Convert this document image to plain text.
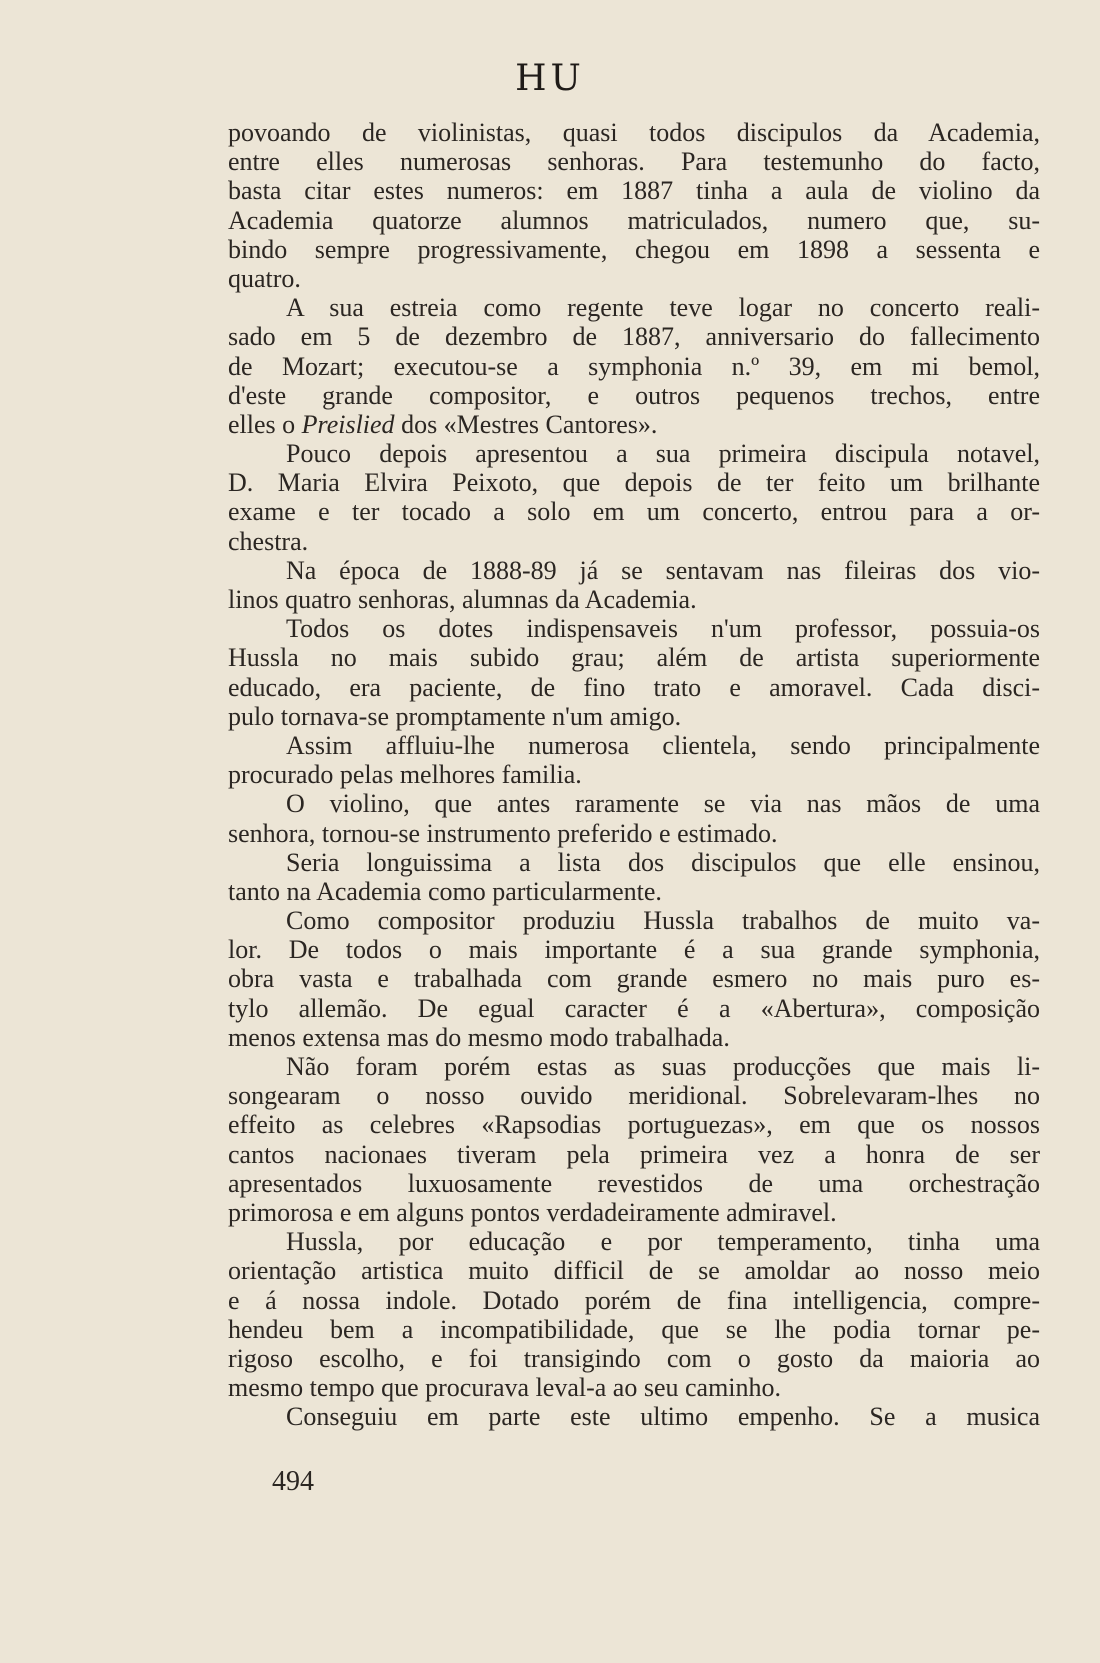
HU
povoando de violinistas, quasi todos discipulos da Academia,
entre elles numerosas senhoras. Para testemunho do facto,
basta citar estes numeros: em 1887 tinha a aula de violino da
Academia quatorze alumnos matriculados, numero que, su-
bindo sempre progressivamente, chegou em 1898 a sessenta e
quatro.
A sua estreia como regente teve logar no concerto reali-
sado em 5 de dezembro de 1887, anniversario do fallecimento
de Mozart; executou-se a symphonia n.º 39, em mi bemol,
d'este grande compositor, e outros pequenos trechos, entre
elles o Preislied dos «Mestres Cantores».
Pouco depois apresentou a sua primeira discipula notavel,
D. Maria Elvira Peixoto, que depois de ter feito um brilhante
exame e ter tocado a solo em um concerto, entrou para a or-
chestra.
Na época de 1888-89 já se sentavam nas fileiras dos vio-
linos quatro senhoras, alumnas da Academia.
Todos os dotes indispensaveis n'um professor, possuia-os
Hussla no mais subido grau; além de artista superiormente
educado, era paciente, de fino trato e amoravel. Cada disci-
pulo tornava-se promptamente n'um amigo.
Assim affluiu-lhe numerosa clientela, sendo principalmente
procurado pelas melhores familia.
O violino, que antes raramente se via nas mãos de uma
senhora, tornou-se instrumento preferido e estimado.
Seria longuissima a lista dos discipulos que elle ensinou,
tanto na Academia como particularmente.
Como compositor produziu Hussla trabalhos de muito va-
lor. De todos o mais importante é a sua grande symphonia,
obra vasta e trabalhada com grande esmero no mais puro es-
tylo allemão. De egual caracter é a «Abertura», composição
menos extensa mas do mesmo modo trabalhada.
Não foram porém estas as suas producções que mais li-
songearam o nosso ouvido meridional. Sobrelevaram-lhes no
effeito as celebres «Rapsodias portuguezas», em que os nossos
cantos nacionaes tiveram pela primeira vez a honra de ser
apresentados luxuosamente revestidos de uma orchestração
primorosa e em alguns pontos verdadeiramente admiravel.
Hussla, por educação e por temperamento, tinha uma
orientação artistica muito difficil de se amoldar ao nosso meio
e á nossa indole. Dotado porém de fina intelligencia, compre-
hendeu bem a incompatibilidade, que se lhe podia tornar pe-
rigoso escolho, e foi transigindo com o gosto da maioria ao
mesmo tempo que procurava leval-a ao seu caminho.
Conseguiu em parte este ultimo empenho. Se a musica
494
